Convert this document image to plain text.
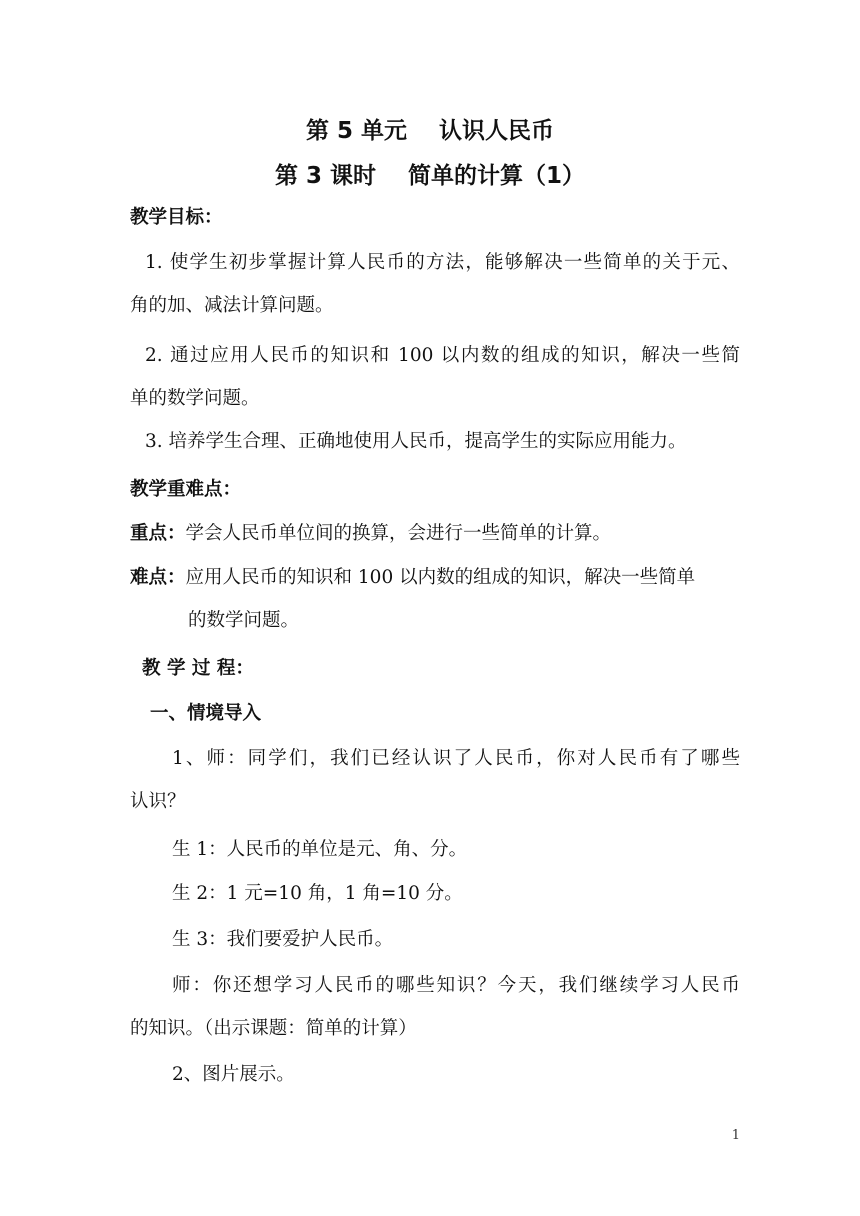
第 5 单元    认识人民币
第 3 课时    简单的计算（1）
教学目标：
1. 使学生初步掌握计算人民币的方法，能够解决一些简单的关于元、
角的加、减法计算问题。
2. 通过应用人民币的知识和 100 以内数的组成的知识，解决一些简
单的数学问题。
3. 培养学生合理、正确地使用人民币，提高学生的实际应用能力。
教学重难点：
重点：学会人民币单位间的换算，会进行一些简单的计算。
难点：应用人民币的知识和 100 以内数的组成的知识，解决一些简单
的数学问题。
教 学 过 程：
一、情境导入
1、师：同学们，我们已经认识了人民币，你对人民币有了哪些
认识？
生 1：人民币的单位是元、角、分。
生 2：1 元=10 角，1 角=10 分。
生 3：我们要爱护人民币。
师：你还想学习人民币的哪些知识？今天，我们继续学习人民币
的知识。（出示课题：简单的计算）
2、图片展示。
1
